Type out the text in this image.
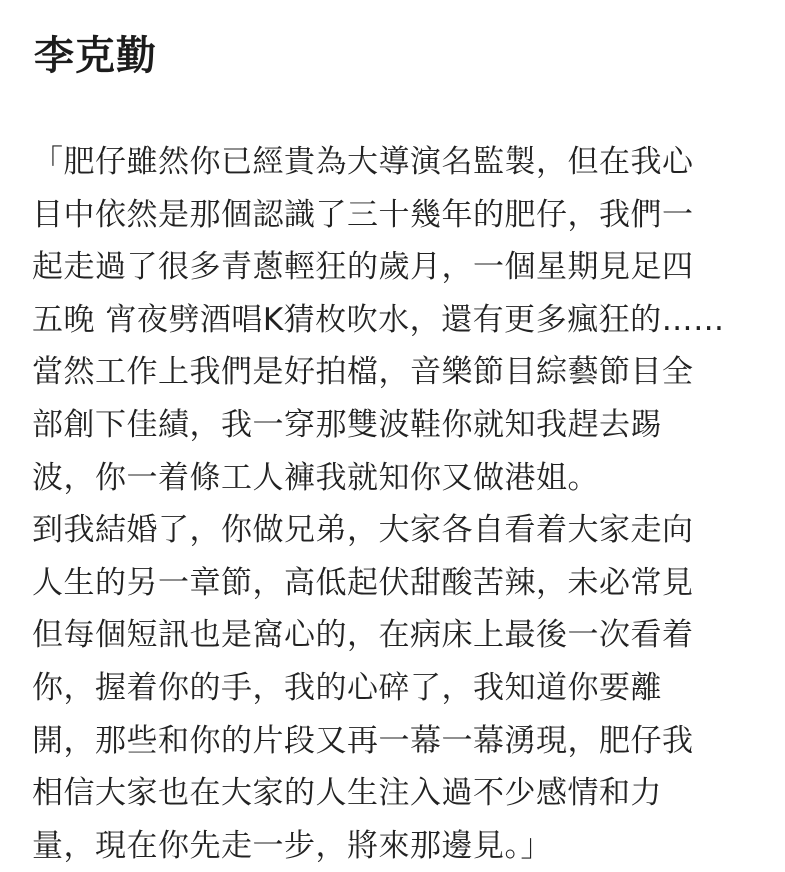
李克勤
「肥仔雖然你已經貴為大導演名監製，但在我心
目中依然是那個認識了三十幾年的肥仔，我們一
起走過了很多青蔥輕狂的歲月，一個星期見足四
五晚 宵夜劈酒唱K猜枚吹水，還有更多瘋狂的……
當然工作上我們是好拍檔，音樂節目綜藝節目全
部創下佳績，我一穿那雙波鞋你就知我趕去踢
波，你一着條工人褲我就知你又做港姐。
到我結婚了，你做兄弟，大家各自看着大家走向
人生的另一章節，高低起伏甜酸苦辣，未必常見
但每個短訊也是窩心的，在病床上最後一次看着
你，握着你的手，我的心碎了，我知道你要離
開，那些和你的片段又再一幕一幕湧現，肥仔我
相信大家也在大家的人生注入過不少感情和力
量，現在你先走一步，將來那邊見。」
